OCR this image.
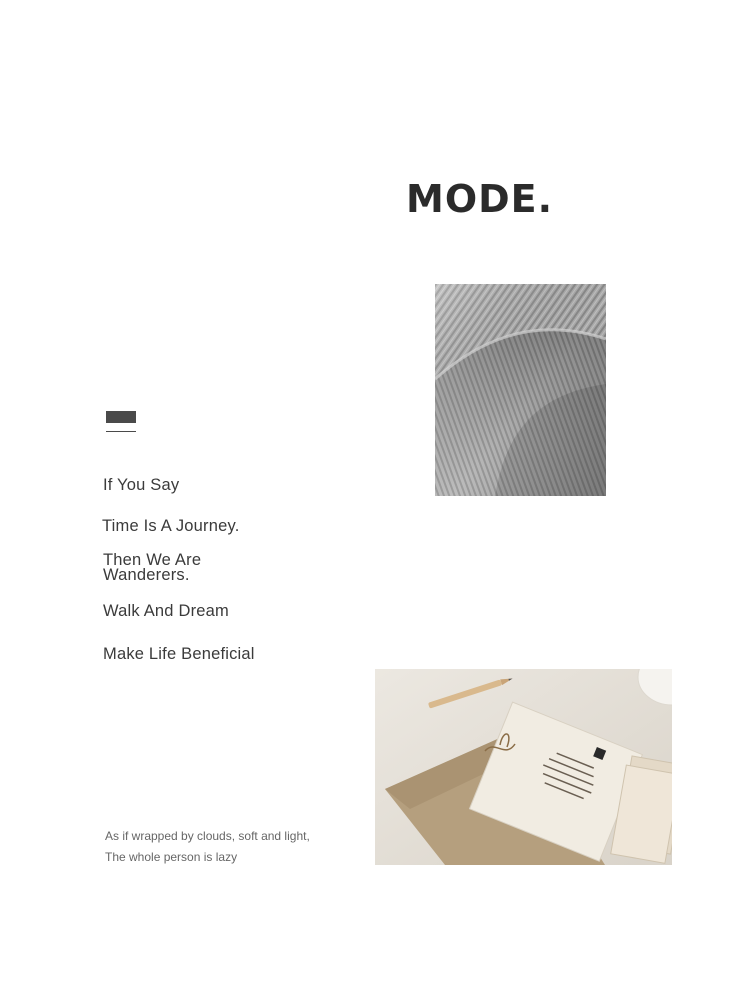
MODE.

If You Say

Time Is A Journey.

Then We Are Wanderers.

Walk And Dream

Make Life Beneficial

As if wrapped by clouds, soft and light,
The whole person is lazy
